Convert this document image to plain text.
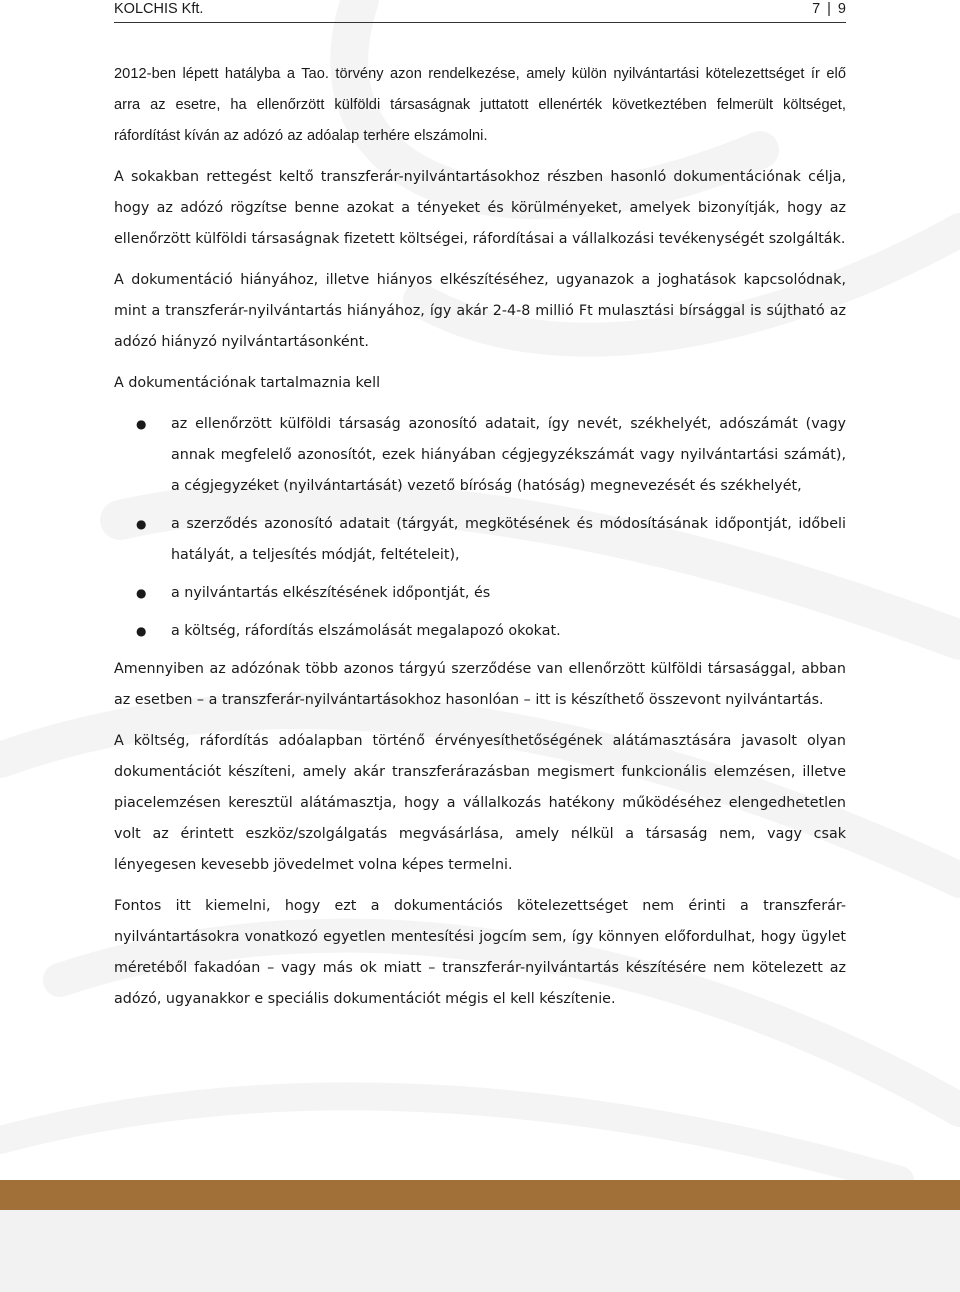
KOLCHIS Kft.	7 | 9

2012-ben lépett hatályba a Tao. törvény azon rendelkezése, amely külön nyilvántartási kötelezettséget ír elő arra az esetre, ha ellenőrzött külföldi társaságnak juttatott ellenérték következtében felmerült költséget, ráfordítást kíván az adózó az adóalap terhére elszámolni.

A sokakban rettegést keltő transzferár-nyilvántartásokhoz részben hasonló dokumentációnak célja, hogy az adózó rögzítse benne azokat a tényeket és körülményeket, amelyek bizonyítják, hogy az ellenőrzött külföldi társaságnak fizetett költségei, ráfordításai a vállalkozási tevékenységét szolgálták.

A dokumentáció hiányához, illetve hiányos elkészítéséhez, ugyanazok a joghatások kapcsolódnak, mint a transzferár-nyilvántartás hiányához, így akár 2-4-8 millió Ft mulasztási bírsággal is sújtható az adózó hiányzó nyilvántartásonként.

A dokumentációnak tartalmaznia kell

● az ellenőrzött külföldi társaság azonosító adatait, így nevét, székhelyét, adószámát (vagy annak megfelelő azonosítót, ezek hiányában cégjegyzékszámát vagy nyilvántartási számát), a cégjegyzéket (nyilvántartását) vezető bíróság (hatóság) megnevezését és székhelyét,
● a szerződés azonosító adatait (tárgyát, megkötésének és módosításának időpontját, időbeli hatályát, a teljesítés módját, feltételeit),
● a nyilvántartás elkészítésének időpontját, és
● a költség, ráfordítás elszámolását megalapozó okokat.

Amennyiben az adózónak több azonos tárgyú szerződése van ellenőrzött külföldi társasággal, abban az esetben – a transzferár-nyilvántartásokhoz hasonlóan – itt is készíthető összevont nyilvántartás.

A költség, ráfordítás adóalapban történő érvényesíthetőségének alátámasztására javasolt olyan dokumentációt készíteni, amely akár transzferárazásban megismert funkcionális elemzésen, illetve piacelemzésen keresztül alátámasztja, hogy a vállalkozás hatékony működéséhez elengedhetetlen volt az érintett eszköz/szolgálgatás megvásárlása, amely nélkül a társaság nem, vagy csak lényegesen kevesebb jövedelmet volna képes termelni.

Fontos itt kiemelni, hogy ezt a dokumentációs kötelezettséget nem érinti a transzferár-nyilvántartásokra vonatkozó egyetlen mentesítési jogcím sem, így könnyen előfordulhat, hogy ügylet méretéből fakadóan – vagy más ok miatt – transzferár-nyilvántartás készítésére nem kötelezett az adózó, ugyanakkor e speciális dokumentációt mégis el kell készítenie.
